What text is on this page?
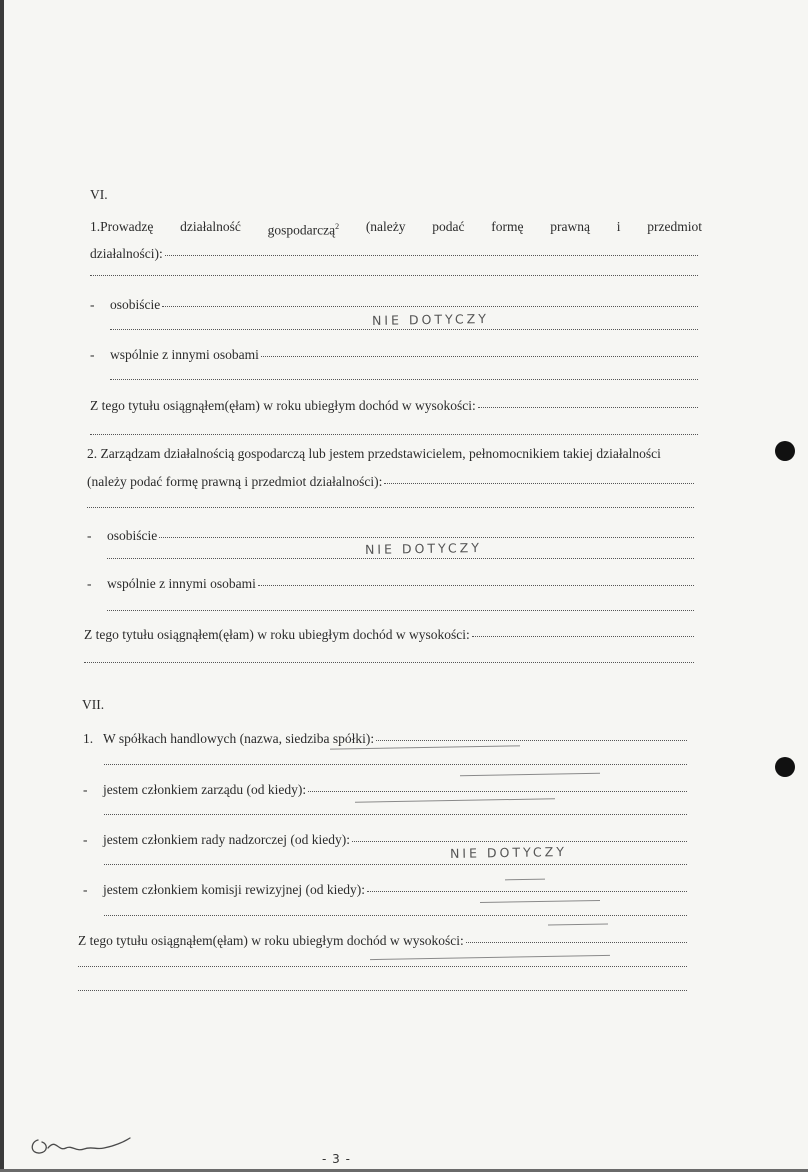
VI.
1.Prowadzę działalność gospodarczą$^2$ (należy podać formę prawną i przedmiot
działalności):
-	osobiście
NIE DOTYCZY
-	wspólnie z innymi osobami
Z tego tytułu osiągnąłem(ęłam) w roku ubiegłym dochód w wysokości:
2. Zarządzam działalnością gospodarczą lub jestem przedstawicielem, pełnomocnikiem takiej działalności
(należy podać formę prawną i przedmiot działalności):
-	osobiście
NIE DOTYCZY
-	wspólnie z innymi osobami
Z tego tytułu osiągnąłem(ęłam) w roku ubiegłym dochód w wysokości:
VII.
1.   W spółkach handlowych (nazwa, siedziba spółki):
-	jestem członkiem zarządu (od kiedy):
-	jestem członkiem rady nadzorczej (od kiedy):
NIE DOTYCZY
-	jestem członkiem komisji rewizyjnej (od kiedy):
Z tego tytułu osiągnąłem(ęłam) w roku ubiegłym dochód w wysokości:
- 3 -
